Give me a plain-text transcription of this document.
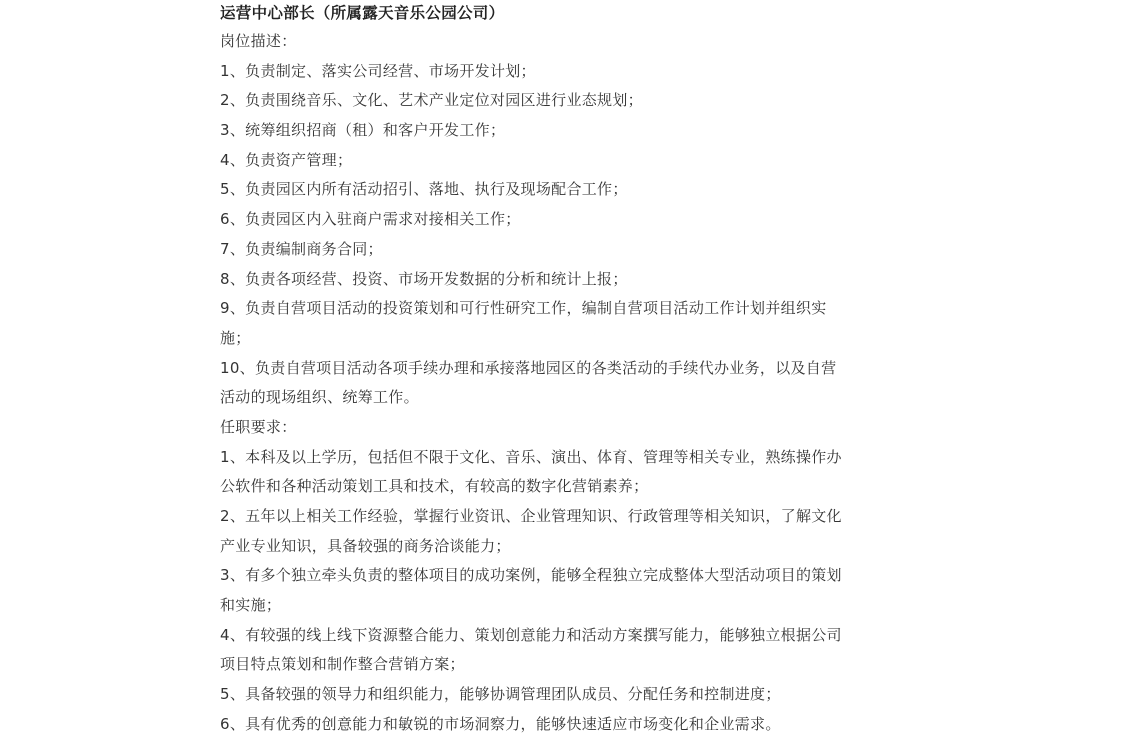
运营中心部长（所属露天音乐公园公司）
岗位描述：
1、负责制定、落实公司经营、市场开发计划；
2、负责围绕音乐、文化、艺术产业定位对园区进行业态规划；
3、统筹组织招商（租）和客户开发工作；
4、负责资产管理；
5、负责园区内所有活动招引、落地、执行及现场配合工作；
6、负责园区内入驻商户需求对接相关工作；
7、负责编制商务合同；
8、负责各项经营、投资、市场开发数据的分析和统计上报；
9、负责自营项目活动的投资策划和可行性研究工作，编制自营项目活动工作计划并组织实
施；
10、负责自营项目活动各项手续办理和承接落地园区的各类活动的手续代办业务，以及自营
活动的现场组织、统筹工作。
任职要求：
1、本科及以上学历，包括但不限于文化、音乐、演出、体育、管理等相关专业，熟练操作办
公软件和各种活动策划工具和技术，有较高的数字化营销素养；
2、五年以上相关工作经验，掌握行业资讯、企业管理知识、行政管理等相关知识，了解文化
产业专业知识，具备较强的商务洽谈能力；
3、有多个独立牵头负责的整体项目的成功案例，能够全程独立完成整体大型活动项目的策划
和实施；
4、有较强的线上线下资源整合能力、策划创意能力和活动方案撰写能力，能够独立根据公司
项目特点策划和制作整合营销方案；
5、具备较强的领导力和组织能力，能够协调管理团队成员、分配任务和控制进度；
6、具有优秀的创意能力和敏锐的市场洞察力，能够快速适应市场变化和企业需求。
